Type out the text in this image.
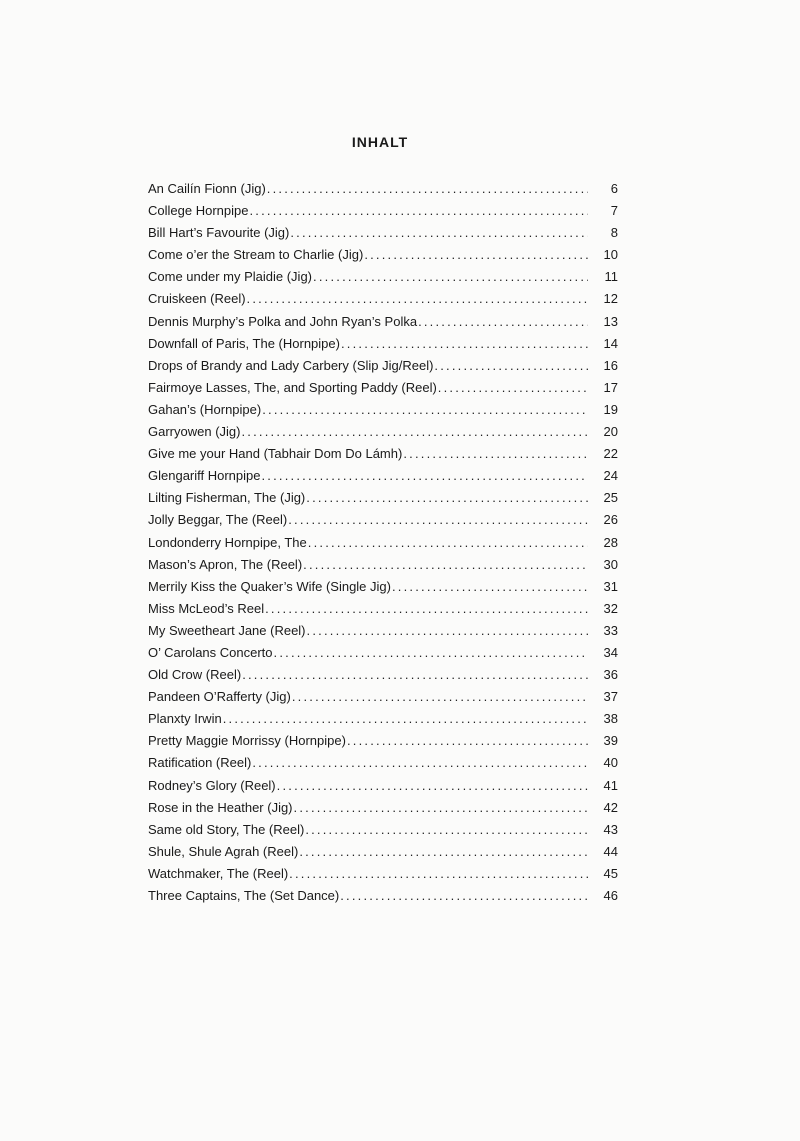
INHALT
An Cailín Fionn (Jig) .....	6
College Hornpipe .....	7
Bill Hart’s Favourite (Jig) .....	8
Come o’er the Stream to Charlie (Jig) .....	10
Come under my Plaidie (Jig) .....	11
Cruiskeen (Reel) .....	12
Dennis Murphy’s Polka and John Ryan’s Polka .....	13
Downfall of Paris, The (Hornpipe) .....	14
Drops of Brandy and Lady Carbery (Slip Jig/Reel) .....	16
Fairmoye Lasses, The, and Sporting Paddy (Reel) .....	17
Gahan’s (Hornpipe) .....	19
Garryowen (Jig) .....	20
Give me your Hand (Tabhair Dom Do Lámh) .....	22
Glengariff Hornpipe .....	24
Lilting Fisherman, The (Jig) .....	25
Jolly Beggar, The (Reel) .....	26
Londonderry Hornpipe, The .....	28
Mason’s Apron, The (Reel) .....	30
Merrily Kiss the Quaker’s Wife (Single Jig) .....	31
Miss McLeod’s Reel .....	32
My Sweetheart Jane (Reel) .....	33
O’ Carolans Concerto .....	34
Old Crow (Reel) .....	36
Pandeen O’Rafferty (Jig) .....	37
Planxty Irwin .....	38
Pretty Maggie Morrissy (Hornpipe) .....	39
Ratification (Reel) .....	40
Rodney’s Glory (Reel) .....	41
Rose in the Heather (Jig) .....	42
Same old Story, The (Reel) .....	43
Shule, Shule Agrah (Reel) .....	44
Watchmaker, The (Reel) .....	45
Three Captains, The (Set Dance) .....	46
